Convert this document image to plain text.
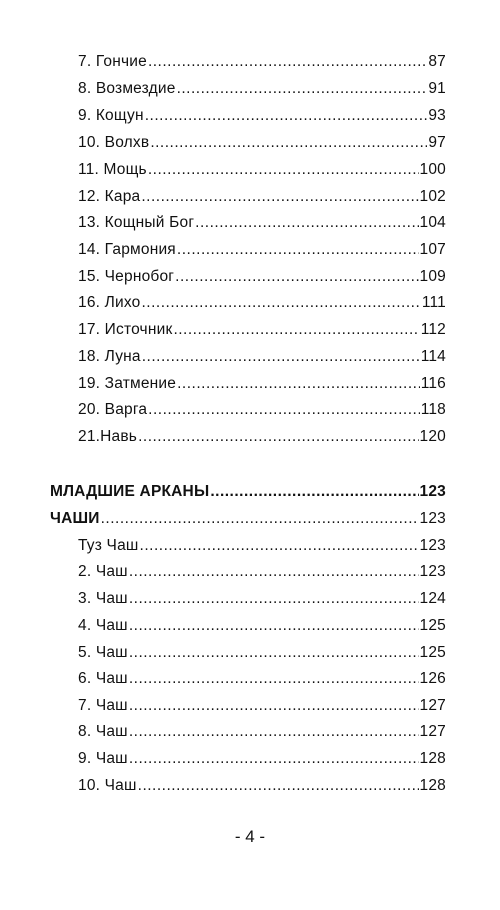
7. Гончие .....	87
8. Возмездие .....	91
9. Кощун .....	93
10. Волхв .....	97
11. Мощь .....	100
12. Кара .....	102
13. Кощный Бог .....	104
14. Гармония .....	107
15. Чернобог .....	109
16. Лихо .....	111
17. Источник .....	112
18. Луна .....	114
19. Затмение .....	116
20. Варга .....	118
21.Навь .....	120
МЛАДШИЕ АРКАНЫ .....	123
ЧАШИ .....	123
Туз Чаш .....	123
2. Чаш .....	123
3. Чаш .....	124
4. Чаш .....	125
5. Чаш .....	125
6. Чаш .....	126
7. Чаш .....	127
8. Чаш .....	127
9. Чаш .....	128
10. Чаш .....	128
- 4 -
